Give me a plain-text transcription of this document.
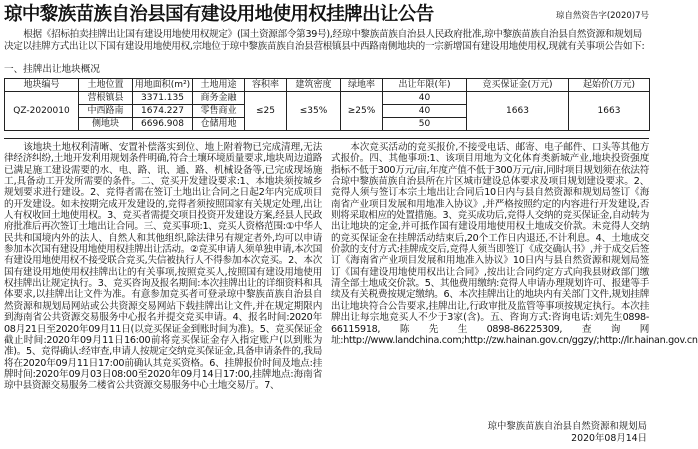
琼中黎族苗族自治县国有建设用地使用权挂牌出让公告	琼自然资告字(2020)7号

根据《招标拍卖挂牌出让国有建设用地使用权规定》(国土资源部令第39号),经琼中黎族苗族自治县人民政府批准,琼中黎族苗族自治县自然资源和规划局决定以挂牌方式出让以下国有建设用地使用权,宗地位于琼中黎族苗族自治县营根镇县中西路南侧地块的一宗新增国有建设用地使用权,现就有关事项公告如下:

一、挂牌出让地块概况
地块编号	土地位置	用地面积(m²)	土地用途	容积率	建筑密度	绿地率	出让年限(年)	竞买保证金(万元)	起始价(万元)
QZ-2020010	营根镇县	3371.135	商务金融	≤25	≤35%	≥25%	40	1663	1663
	中西路南	1674.227	零售商业				40		
	侧地块	6696.908	仓储用地				50		

该地块土地权利清晰、安置补偿落实到位、地上附着物已完成清理,无法律经济纠纷,土地开发利用规划条件明确,符合土壤环境质量要求,地块周边道路已满足施工建设需要的水、电、路、讯、通、路、机械设备等,已完成现场施工,具备动工开发所需要的条件。二、竞买开发建设要求:1、本地块须按城乡规划要求进行建设。2、竞得者需在签订土地出让合同之日起2年内完成项目的开发建设。如未按期完成开发建设的,竞得者须按照国家有关规定处理,出让人有权收回土地使用权。3、竞买者需提交项目投资开发建设方案,经县人民政府批准后再次签订土地出让合同。三、竞买事项:1、竞买人资格范围:①中华人民共和国境内外的法人、自然人和其他组织,除法律另有规定者外,均可以申请参加本次国有建设用地使用权挂牌出让活动。②竞买申请人须单独申请,本次国有建设用地使用权不接受联合竞买,失信被执行人不得参加本次竞买。2、本次国有建设用地使用权挂牌出让的有关事项,按照竞买人,按照国有建设用地使用权挂牌出让规定执行。3、竞买咨询及报名期间:本次挂牌出让的详细资料和具体要求,以挂牌出让文件为准。有意参加竞买者可登录琼中黎族苗族自治县自然资源和规划局网站或公共资源交易网站下载挂牌出让文件,并在规定期限内到海南省公共资源交易服务中心报名并提交竞买申请。4、报名时间:2020年08月21日至2020年09月11日(以竞买保证金到账时间为准)。5、竞买保证金截止时间:2020年09月11日16:00前将竞买保证金存入指定账户(以到账为准)。5、竞得确认:经审查,申请人按规定交纳竞买保证金,具备申请条件的,我局将在2020年09月11日17:00前确认其竞买资格。6、挂牌报价时间及地点:挂牌时间:2020年09月03日08:00至2020年09月14日17:00,挂牌地点:海南省琼中县资源交易服务二楼省公共资源交易服务中心土地交易厅。7、

本次竞买活动的竞买报价,不接受电话、邮寄、电子邮件、口头等其他方式报价。四、其他事项:1、该项目用地为文化体育类新城产业,地块投资强度指标不低于300万元/亩,年度产值不低于300万元/亩,同时项目规划须在依法符合琼中黎族苗族自治县所在片区城市建设总体要求及项目规划建设要求。2、竞得人须与签订本宗土地出让合同后10日内与县自然资源和规划局签订《海南省产业项目发展和用地准入协议》,并严格按照约定的内容进行开发建设,否则将采取相应的处置措施。3、竞买成功后,竞得人交纳的竞买保证金,自动转为出让地块的定金,并可抵作国有建设用地使用权土地成交价款。未竞得人交纳的竞买保证金在挂牌活动结束后,20个工作日内退还,不计利息。4、土地成交价款的支付方式:挂牌成交后,竞得人须当即签订《成交确认书》,并于成交后签订《海南省产业项目发展和用地准入协议》10日内与县自然资源和规划局签订《国有建设用地使用权出让合同》,按出让合同约定方式向我县财政部门缴清全部土地成交价款。5、其他费用缴纳:竞得人申请办理规划许可、报建等手续及有关税费按规定缴纳。6、本次挂牌出让的地块内有关部门文件,规划挂牌出让地块符合公告要求,挂牌出让,行政审批及监管等事项按规定执行。本次挂牌出让每宗地竞买人不少于3家(含)。五、咨询方式:咨询电话:刘先生0898-66115918,陈先生0898-86225309,查询网址:http://www.landchina.com;http://zw.hainan.gov.cn/ggzy/;http://lr.hainan.gov.cn

琼中黎族苗族自治县自然资源和规划局
2020年08月14日
